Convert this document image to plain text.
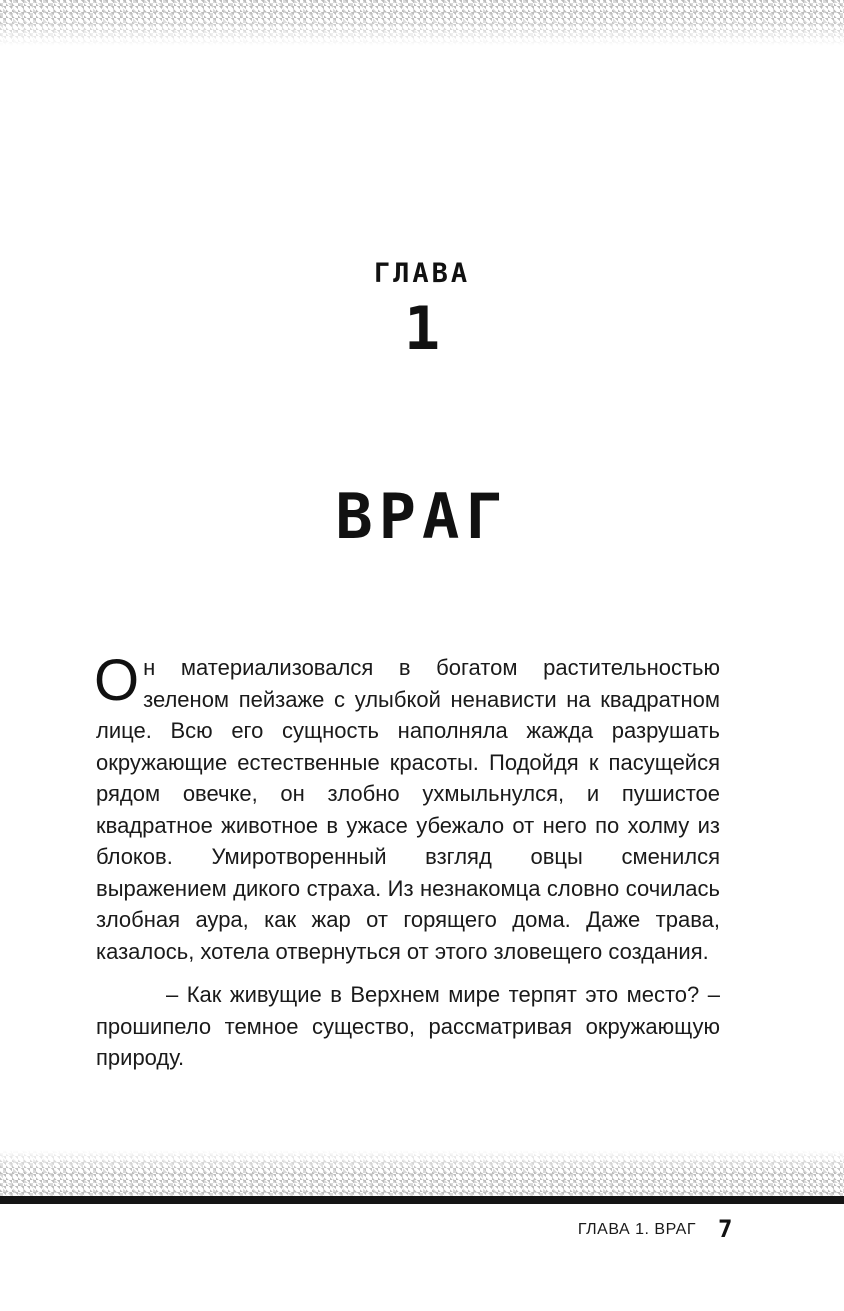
ГЛАВА
1
ВРАГ

Он материализовался в богатом растительностью зеленом пейзаже с улыбкой ненависти на квадратном лице. Всю его сущность наполняла жажда разрушать окружающие естественные красоты. Подойдя к пасущейся рядом овечке, он злобно ухмыльнулся, и пушистое квадратное животное в ужасе убежало от него по холму из блоков. Умиротворенный взгляд овцы сменился выражением дикого страха. Из незнакомца словно сочилась злобная аура, как жар от горящего дома. Даже трава, казалось, хотела отвернуться от этого зловещего создания.

– Как живущие в Верхнем мире терпят это место? – прошипело темное существо, рассматривая окружающую природу.

ГЛАВА 1. ВРАГ 7
